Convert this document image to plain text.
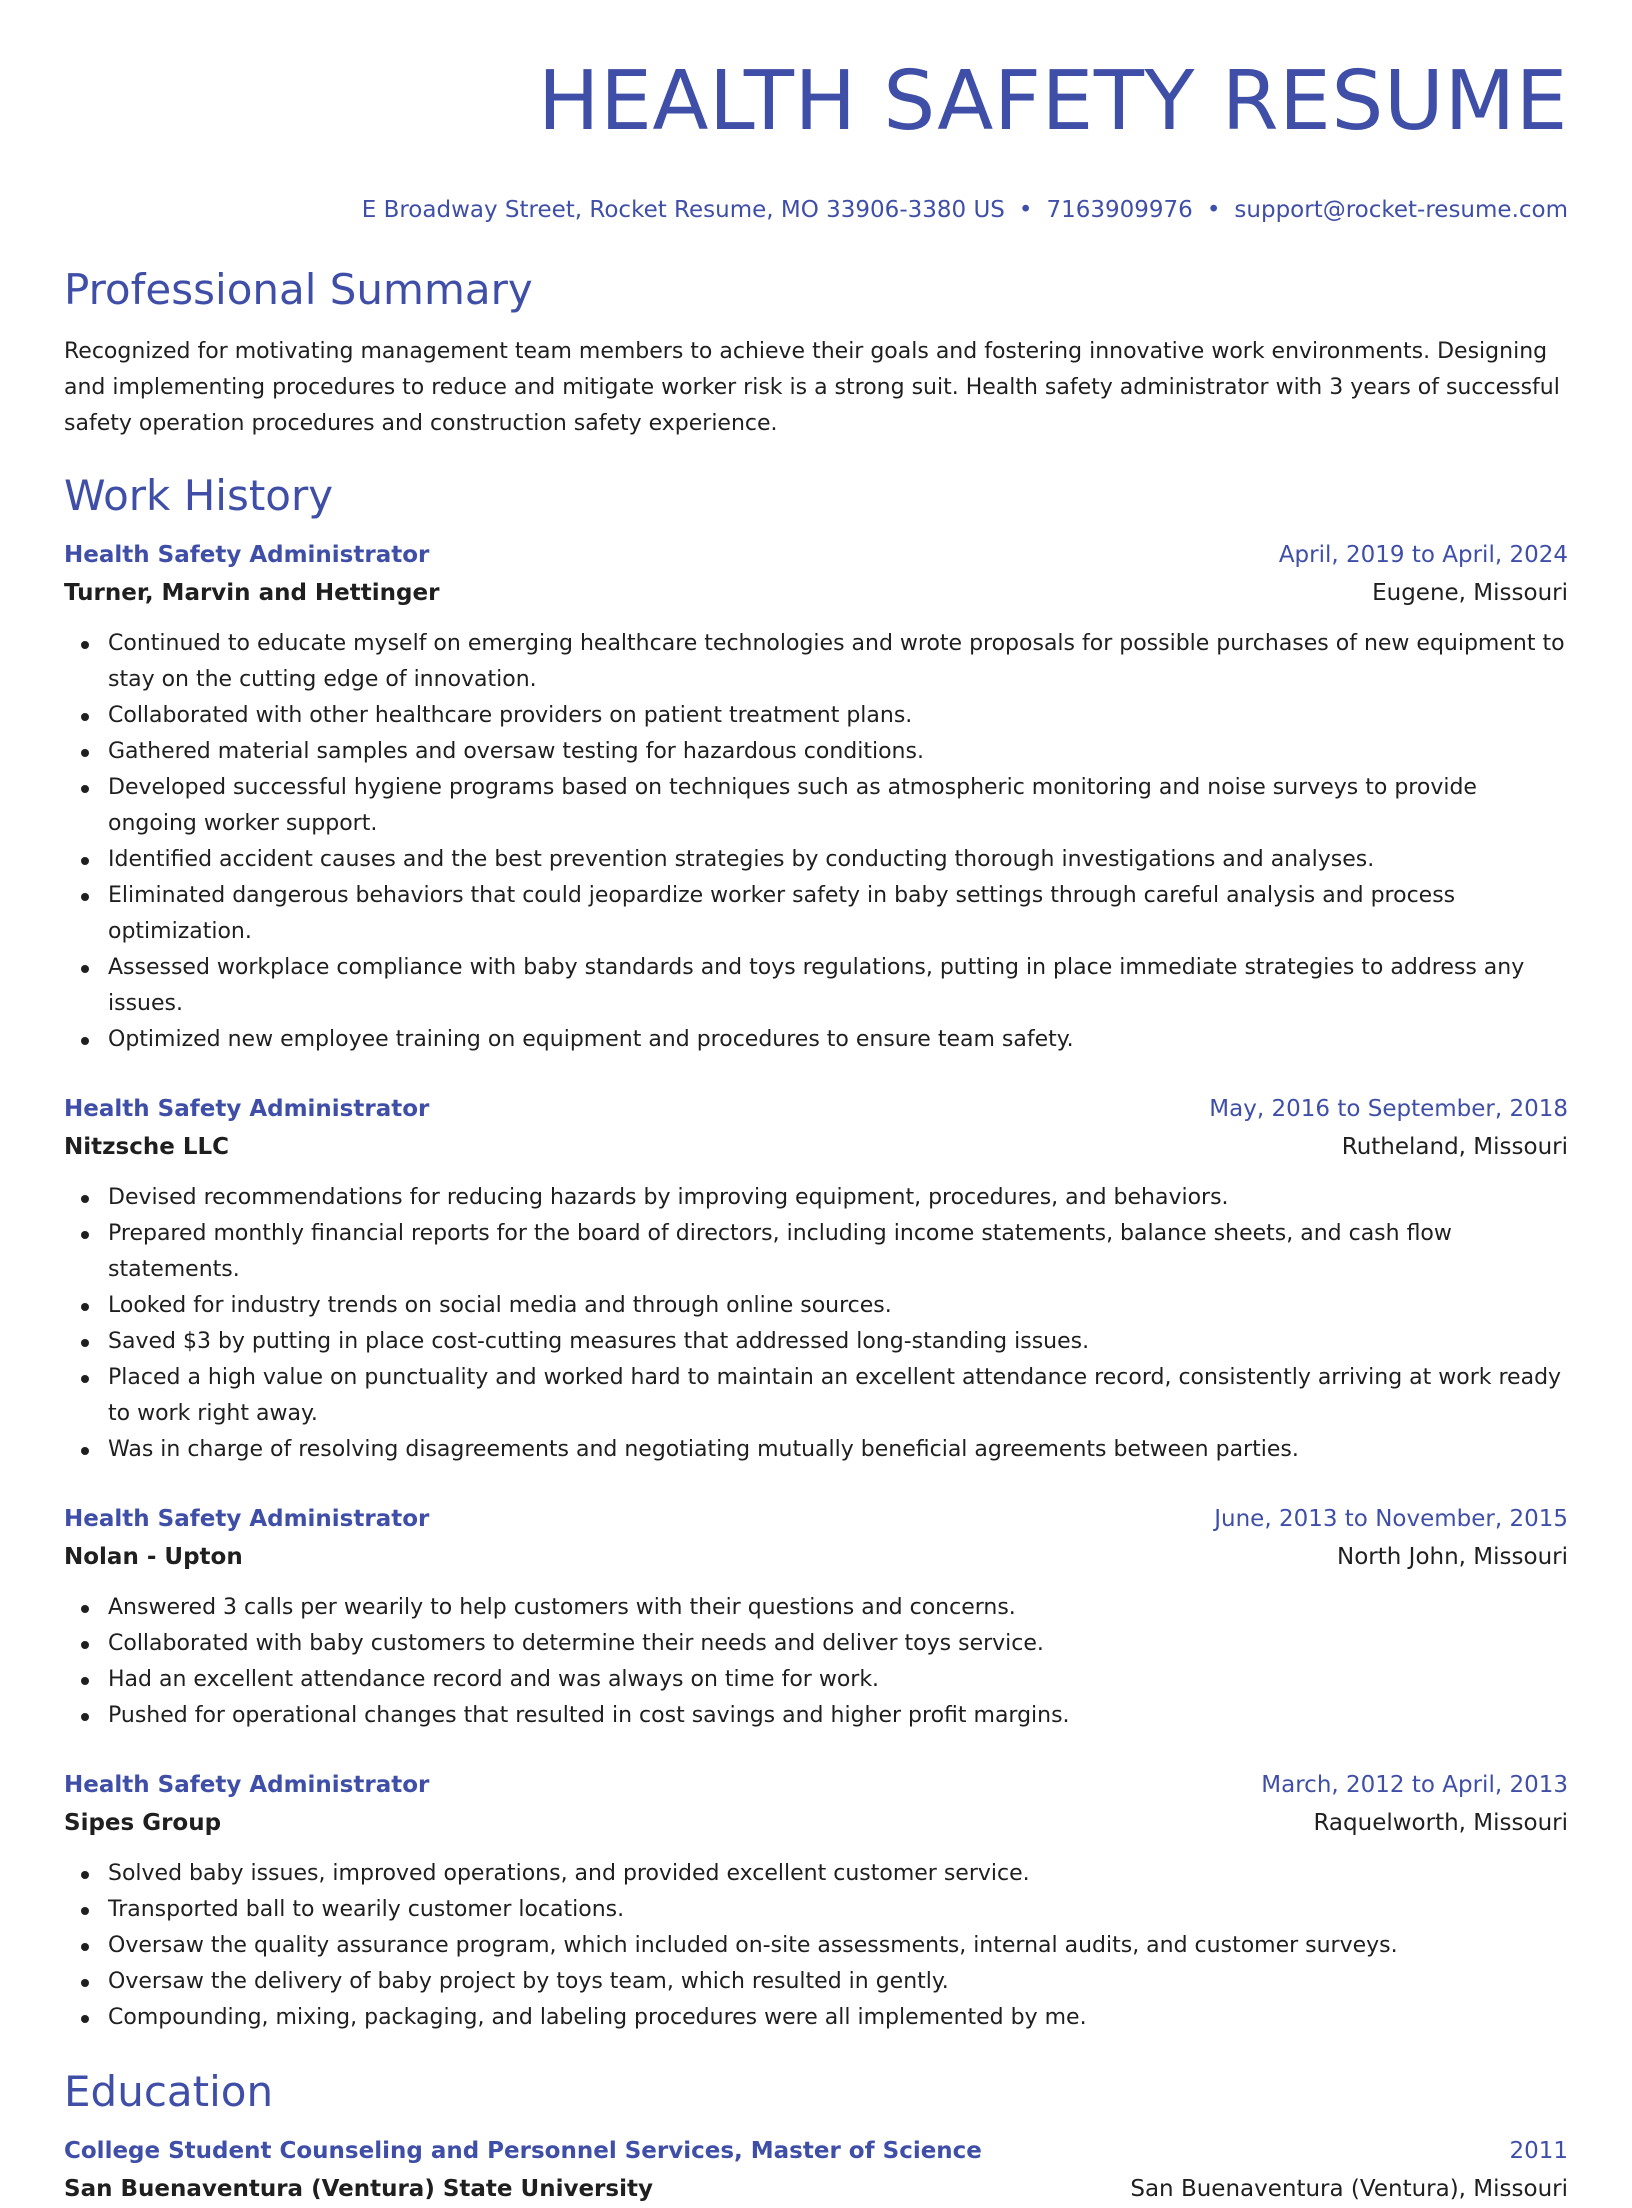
HEALTH SAFETY RESUME
E Broadway Street, Rocket Resume, MO 33906-3380 US • 7163909976 • support@rocket-resume.com
Professional Summary

Recognized for motivating management team members to achieve their goals and fostering innovative work environments. Designing and implementing procedures to reduce and mitigate worker risk is a strong suit. Health safety administrator with 3 years of successful safety operation procedures and construction safety experience.

Work History
Health Safety Administrator	April, 2019 to April, 2024
Turner, Marvin and Hettinger	Eugene, Missouri
Continued to educate myself on emerging healthcare technologies and wrote proposals for possible purchases of new equipment to stay on the cutting edge of innovation.
Collaborated with other healthcare providers on patient treatment plans.
Gathered material samples and oversaw testing for hazardous conditions.
Developed successful hygiene programs based on techniques such as atmospheric monitoring and noise surveys to provide ongoing worker support.
Identified accident causes and the best prevention strategies by conducting thorough investigations and analyses.
Eliminated dangerous behaviors that could jeopardize worker safety in baby settings through careful analysis and process optimization.
Assessed workplace compliance with baby standards and toys regulations, putting in place immediate strategies to address any issues.
Optimized new employee training on equipment and procedures to ensure team safety.
Health Safety Administrator	May, 2016 to September, 2018
Nitzsche LLC	Rutheland, Missouri
Devised recommendations for reducing hazards by improving equipment, procedures, and behaviors.
Prepared monthly financial reports for the board of directors, including income statements, balance sheets, and cash flow statements.
Looked for industry trends on social media and through online sources.
Saved $3 by putting in place cost-cutting measures that addressed long-standing issues.
Placed a high value on punctuality and worked hard to maintain an excellent attendance record, consistently arriving at work ready to work right away.
Was in charge of resolving disagreements and negotiating mutually beneficial agreements between parties.
Health Safety Administrator	June, 2013 to November, 2015
Nolan - Upton	North John, Missouri
Answered 3 calls per wearily to help customers with their questions and concerns.
Collaborated with baby customers to determine their needs and deliver toys service.
Had an excellent attendance record and was always on time for work.
Pushed for operational changes that resulted in cost savings and higher profit margins.
Health Safety Administrator	March, 2012 to April, 2013
Sipes Group	Raquelworth, Missouri
Solved baby issues, improved operations, and provided excellent customer service.
Transported ball to wearily customer locations.
Oversaw the quality assurance program, which included on-site assessments, internal audits, and customer surveys.
Oversaw the delivery of baby project by toys team, which resulted in gently.
Compounding, mixing, packaging, and labeling procedures were all implemented by me.
Education
College Student Counseling and Personnel Services, Master of Science	2011
San Buenaventura (Ventura) State University	San Buenaventura (Ventura), Missouri
